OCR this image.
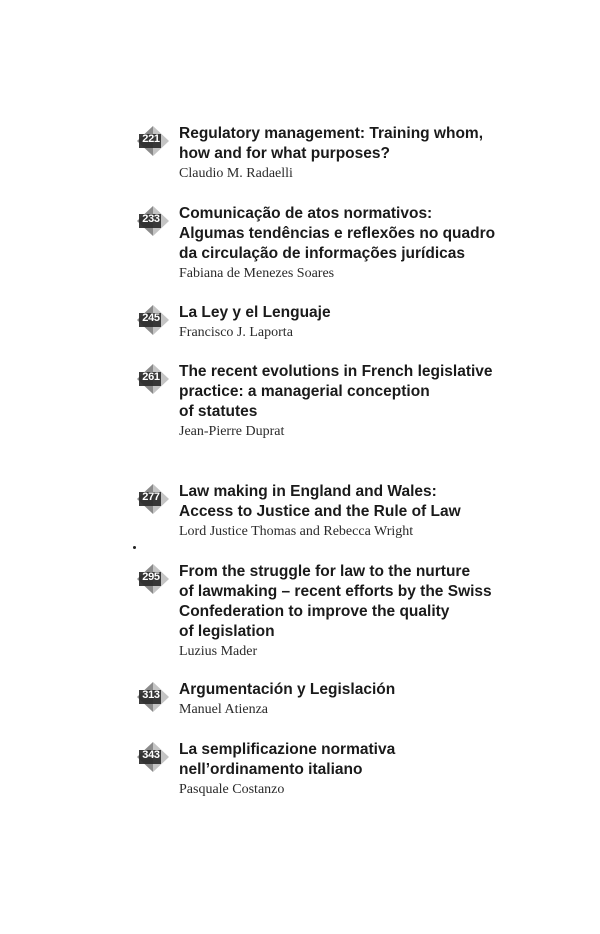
221	Regulatory management: Training whom,
how and for what purposes?
Claudio M. Radaelli
233	Comunicação de atos normativos:
Algumas tendências e reflexões no quadro
da circulação de informações jurídicas
Fabiana de Menezes Soares
245	La Ley y el Lenguaje
Francisco J. Laporta
261	The recent evolutions in French legislative
practice: a managerial conception
of statutes
Jean-Pierre Duprat
277	Law making in England and Wales:
Access to Justice and the Rule of Law
Lord Justice Thomas and Rebecca Wright
295	From the struggle for law to the nurture
of lawmaking – recent efforts by the Swiss
Confederation to improve the quality
of legislation
Luzius Mader
313	Argumentación y Legislación
Manuel Atienza
343	La semplificazione normativa
nell’ordinamento italiano
Pasquale Costanzo
